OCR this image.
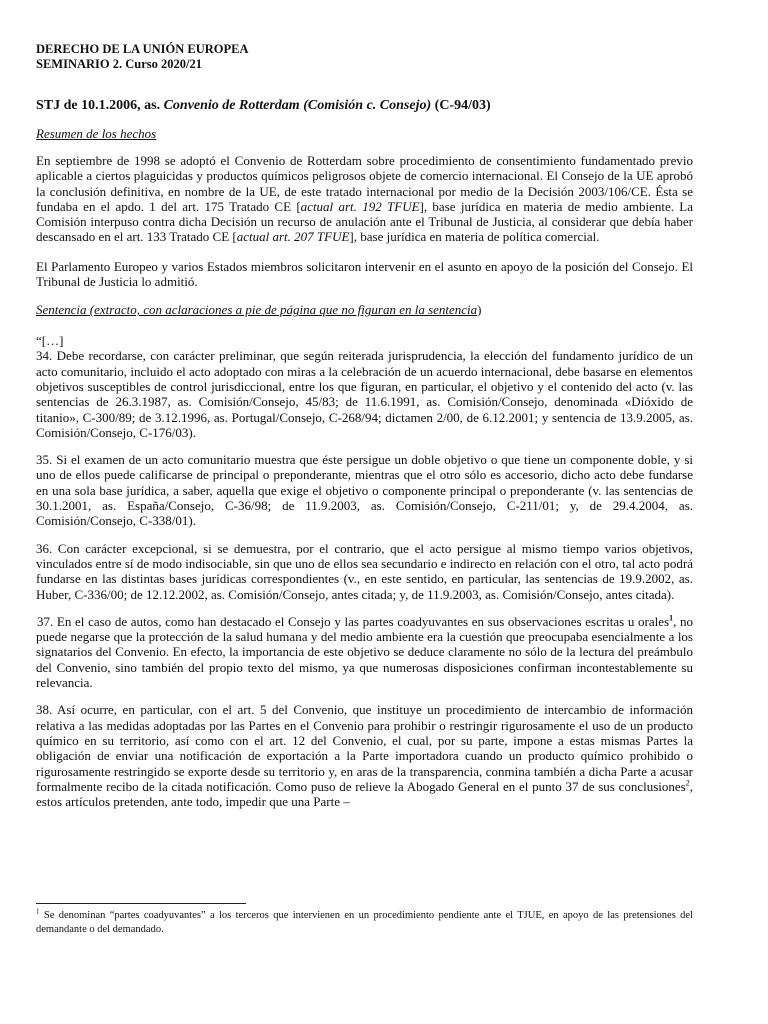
DERECHO DE LA UNIÓN EUROPEA

SEMINARIO 2. Curso 2020/21

STJ de 10.1.2006, as. Convenio de Rotterdam (Comisión c. Consejo) (C-94/03)

Resumen de los hechos

En septiembre de 1998 se adoptó el Convenio de Rotterdam sobre procedimiento de consentimiento fundamentado previo aplicable a ciertos plaguicidas y productos químicos peligrosos objete de comercio internacional. El Consejo de la UE aprobó la conclusión definitiva, en nombre de la UE, de este tratado internacional por medio de la Decisión 2003/106/CE. Ésta se fundaba en el apdo. 1 del art. 175 Tratado CE [actual art. 192 TFUE], base jurídica en materia de medio ambiente. La Comisión interpuso contra dicha Decisión un recurso de anulación ante el Tribunal de Justicia, al considerar que debía haber descansado en el art. 133 Tratado CE [actual art. 207 TFUE], base jurídica en materia de política comercial.

El Parlamento Europeo y varios Estados miembros solicitaron intervenir en el asunto en apoyo de la posición del Consejo. El Tribunal de Justicia lo admitió.

Sentencia (extracto, con aclaraciones a pie de página que no figuran en la sentencia)

“[…]

34. Debe recordarse, con carácter preliminar, que según reiterada jurisprudencia, la elección del fundamento jurídico de un acto comunitario, incluido el acto adoptado con miras a la celebración de un acuerdo internacional, debe basarse en elementos objetivos susceptibles de control jurisdiccional, entre los que figuran, en particular, el objetivo y el contenido del acto (v. las sentencias de 26.3.1987, as. Comisión/Consejo, 45/83; de 11.6.1991, as. Comisión/Consejo, denominada «Dióxido de titanio», C-300/89; de 3.12.1996, as. Portugal/Consejo, C-268/94; dictamen 2/00, de 6.12.2001; y sentencia de 13.9.2005, as. Comisión/Consejo, C-176/03).

35. Si el examen de un acto comunitario muestra que éste persigue un doble objetivo o que tiene un componente doble, y si uno de ellos puede calificarse de principal o preponderante, mientras que el otro sólo es accesorio, dicho acto debe fundarse en una sola base jurídica, a saber, aquella que exige el objetivo o componente principal o preponderante (v. las sentencias de 30.1.2001, as. España/Consejo, C-36/98; de 11.9.2003, as. Comisión/Consejo, C-211/01; y, de 29.4.2004, as. Comisión/Consejo, C-338/01).

36. Con carácter excepcional, si se demuestra, por el contrario, que el acto persigue al mismo tiempo varios objetivos, vinculados entre sí de modo indisociable, sin que uno de ellos sea secundario e indirecto en relación con el otro, tal acto podrá fundarse en las distintas bases jurídicas correspondientes (v., en este sentido, en particular, las sentencias de 19.9.2002, as. Huber, C-336/00; de 12.12.2002, as. Comisión/Consejo, antes citada; y, de 11.9.2003, as. Comisión/Consejo, antes citada).

37. En el caso de autos, como han destacado el Consejo y las partes coadyuvantes en sus observaciones escritas u orales$^1$, no puede negarse que la protección de la salud humana y del medio ambiente era la cuestión que preocupaba esencialmente a los signatarios del Convenio. En efecto, la importancia de este objetivo se deduce claramente no sólo de la lectura del preámbulo del Convenio, sino también del propio texto del mismo, ya que numerosas disposiciones confirman incontestablemente su relevancia.

38. Así ocurre, en particular, con el art. 5 del Convenio, que instituye un procedimiento de intercambio de información relativa a las medidas adoptadas por las Partes en el Convenio para prohibir o restringir rigurosamente el uso de un producto químico en su territorio, así como con el art. 12 del Convenio, el cual, por su parte, impone a estas mismas Partes la obligación de enviar una notificación de exportación a la Parte importadora cuando un producto químico prohibido o rigurosamente restringido se exporte desde su territorio y, en aras de la transparencia, conmina también a dicha Parte a acusar formalmente recibo de la citada notificación. Como puso de relieve la Abogado General en el punto 37 de sus conclusiones$^2$, estos artículos pretenden, ante todo, impedir que una Parte –

$^1$ Se denominan “partes coadyuvantes” a los terceros que intervienen en un procedimiento pendiente ante el TJUE, en apoyo de las pretensiones del demandante o del demandado.
